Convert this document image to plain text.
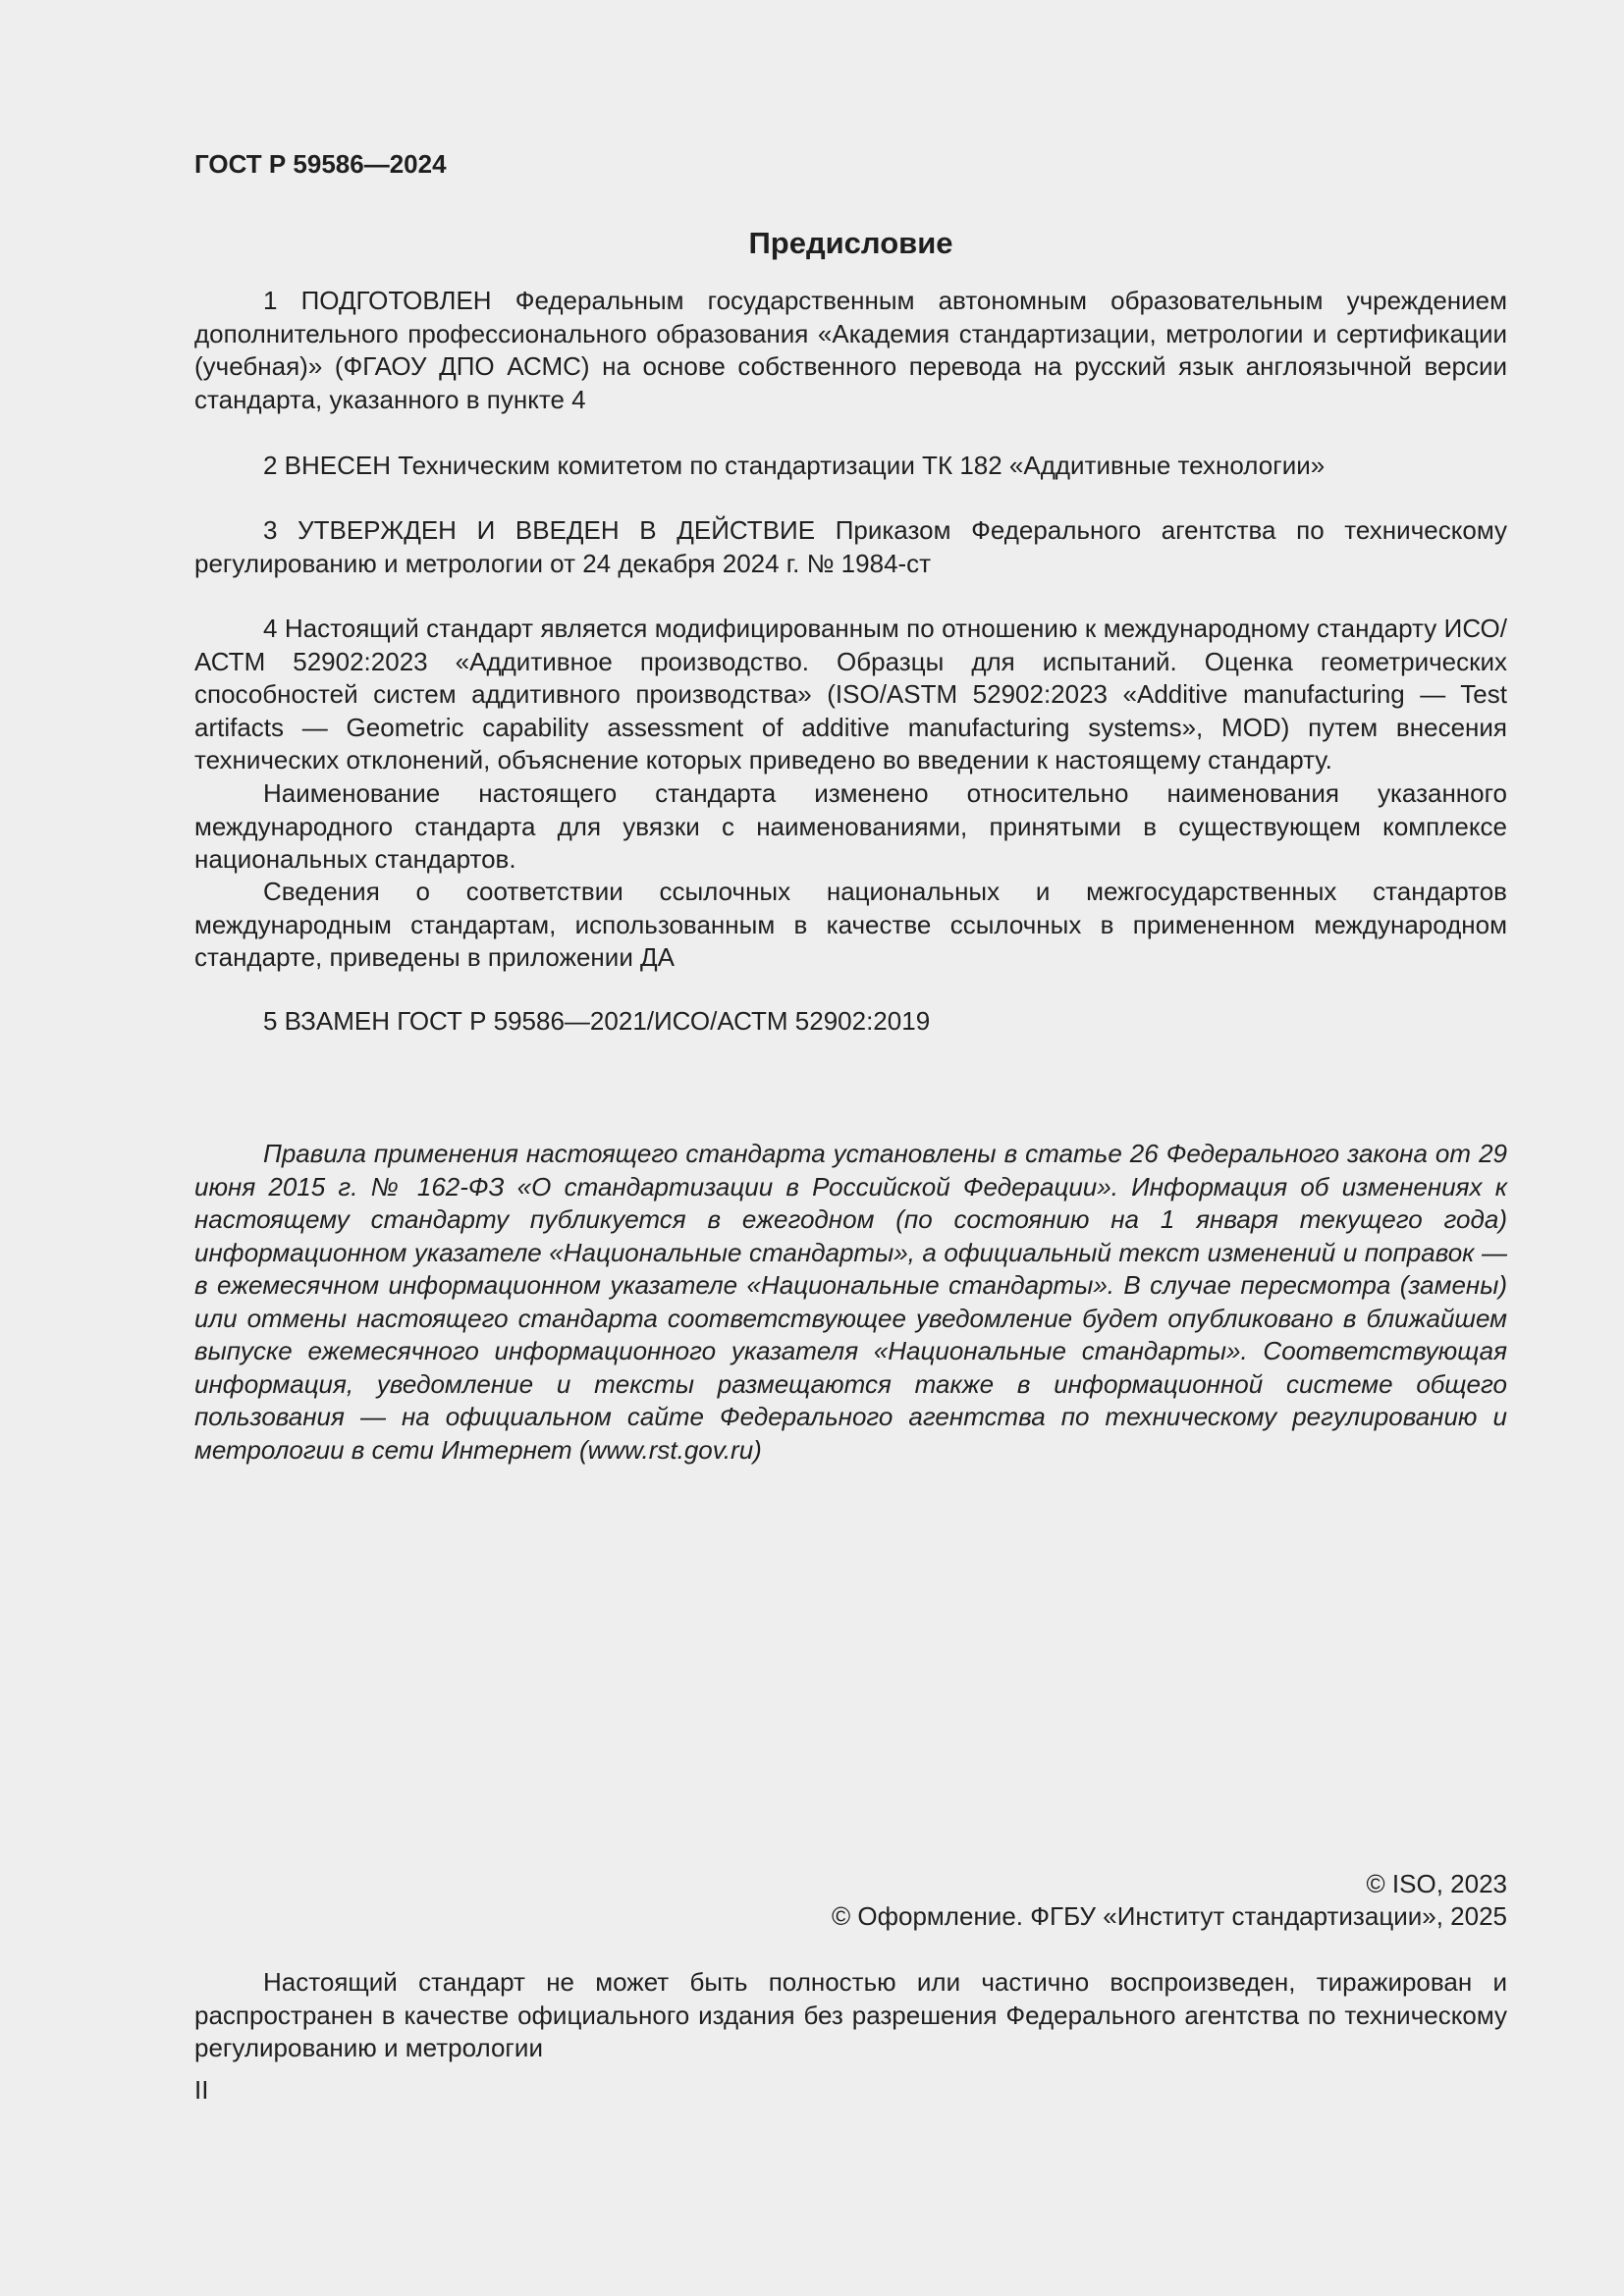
ГОСТ Р 59586—2024
Предисловие

1 ПОДГОТОВЛЕН Федеральным государственным автономным образовательным учреждением дополнительного профессионального образования «Академия стандартизации, метрологии и сертификации (учебная)» (ФГАОУ ДПО АСМС) на основе собственного перевода на русский язык англоязычной версии стандарта, указанного в пункте 4

2 ВНЕСЕН Техническим комитетом по стандартизации ТК 182 «Аддитивные технологии»

3 УТВЕРЖДЕН И ВВЕДЕН В ДЕЙСТВИЕ Приказом Федерального агентства по техническому регулированию и метрологии от 24 декабря 2024 г. № 1984-ст

4 Настоящий стандарт является модифицированным по отношению к международному стандарту ИСО/АСТМ 52902:2023 «Аддитивное производство. Образцы для испытаний. Оценка геометрических способностей систем аддитивного производства» (ISO/ASTM 52902:2023 «Additive manufacturing — Test artifacts — Geometric capability assessment of additive manufacturing systems», MOD) путем внесения технических отклонений, объяснение которых приведено во введении к настоящему стандарту.

Наименование настоящего стандарта изменено относительно наименования указанного международного стандарта для увязки с наименованиями, принятыми в существующем комплексе национальных стандартов.

Сведения о соответствии ссылочных национальных и межгосударственных стандартов международным стандартам, использованным в качестве ссылочных в примененном международном стандарте, приведены в приложении ДА

5 ВЗАМЕН ГОСТ Р 59586—2021/ИСО/АСТМ 52902:2019

Правила применения настоящего стандарта установлены в статье 26 Федерального закона от 29 июня 2015 г. № 162-ФЗ «О стандартизации в Российской Федерации». Информация об изменениях к настоящему стандарту публикуется в ежегодном (по состоянию на 1 января текущего года) информационном указателе «Национальные стандарты», а официальный текст изменений и поправок — в ежемесячном информационном указателе «Национальные стандарты». В случае пересмотра (замены) или отмены настоящего стандарта соответствующее уведомление будет опубликовано в ближайшем выпуске ежемесячного информационного указателя «Национальные стандарты». Соответствующая информация, уведомление и тексты размещаются также в информационной системе общего пользования — на официальном сайте Федерального агентства по техническому регулированию и метрологии в сети Интернет (www.rst.gov.ru)

© ISO, 2023
© Оформление. ФГБУ «Институт стандартизации», 2025

Настоящий стандарт не может быть полностью или частично воспроизведен, тиражирован и распространен в качестве официального издания без разрешения Федерального агентства по техническому регулированию и метрологии

II
